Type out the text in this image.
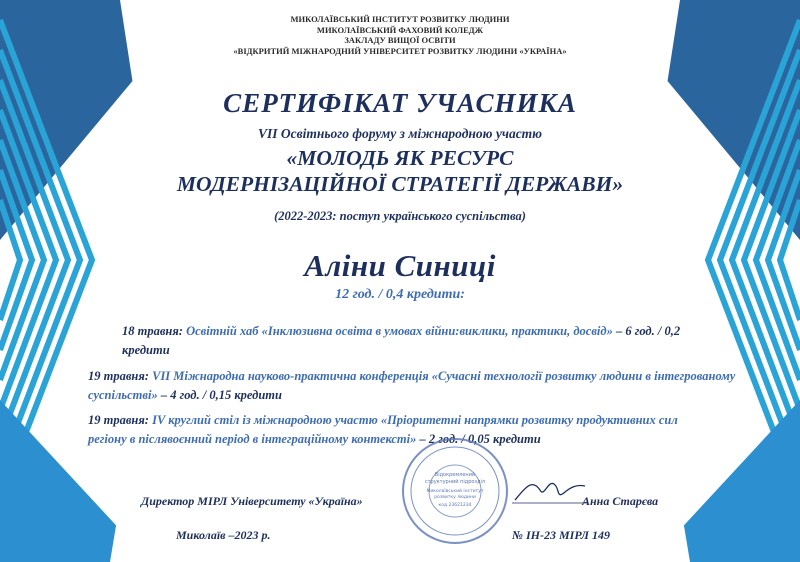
МИКОЛАЇВСЬКИЙ ІНСТИТУТ РОЗВИТКУ ЛЮДИНИ
МИКОЛАЇВСЬКИЙ ФАХОВИЙ КОЛЕДЖ
ЗАКЛАДУ ВИЩОЇ ОСВІТИ
«ВІДКРИТИЙ МІЖНАРОДНИЙ УНІВЕРСИТЕТ РОЗВИТКУ ЛЮДИНИ «УКРАЇНА»
СЕРТИФІКАТ УЧАСНИКА
VII Освітнього форуму з міжнародною участю
«МОЛОДЬ ЯК РЕСУРС
МОДЕРНІЗАЦІЙНОЇ СТРАТЕГІЇ ДЕРЖАВИ»
(2022-2023: поступ українського суспільства)
Аліни Синиці
12 год. / 0,4 кредити:
18 травня: Освітній хаб «Інклюзивна освіта в умовах війни:виклики, практики, досвід» – 6 год. / 0,2 кредити
19 травня: VII Міжнародна науково-практична конференція «Сучасні технології розвитку людини в інтегрованому суспільстві» – 4 год. / 0,15 кредити
19 травня: IV круглий стіл із міжнародною участю «Пріоритетні напрямки розвитку продуктивних сил регіону в післявоєнний період в інтеграційному контексті» – 2 год. / 0,05 кредити
Відокремлений
структурний підрозділ
Миколаївський інститут
розвитку людини
код 23621234
Директор МІРЛ Університету «Україна»	Анна Старєва
Миколаїв –2023 р.	№ ІН-23 МІРЛ 149
